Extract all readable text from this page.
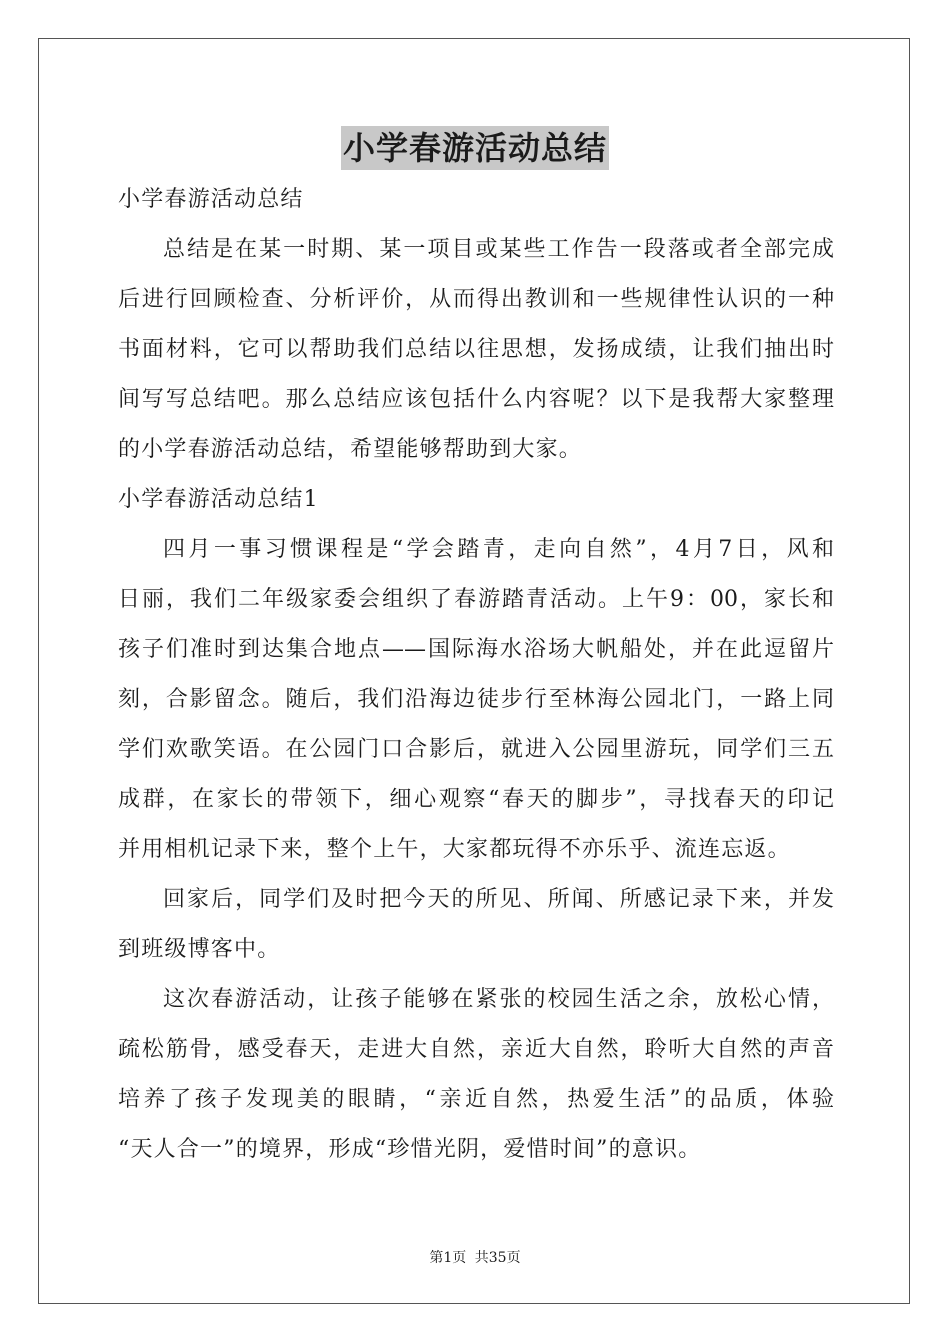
小学春游活动总结
小学春游活动总结
总结是在某一时期、某一项目或某些工作告一段落或者全部完成
后进行回顾检查、分析评价，从而得出教训和一些规律性认识的一种
书面材料，它可以帮助我们总结以往思想，发扬成绩，让我们抽出时
间写写总结吧。那么总结应该包括什么内容呢？以下是我帮大家整理
的小学春游活动总结，希望能够帮助到大家。
小学春游活动总结1
四月一事习惯课程是“学会踏青，走向自然”，4月7日，风和
日丽，我们二年级家委会组织了春游踏青活动。上午9：00，家长和
孩子们准时到达集合地点——国际海水浴场大帆船处，并在此逗留片
刻，合影留念。随后，我们沿海边徒步行至林海公园北门，一路上同
学们欢歌笑语。在公园门口合影后，就进入公园里游玩，同学们三五
成群，在家长的带领下，细心观察“春天的脚步”，寻找春天的印记
并用相机记录下来，整个上午，大家都玩得不亦乐乎、流连忘返。
回家后，同学们及时把今天的所见、所闻、所感记录下来，并发
到班级博客中。
这次春游活动，让孩子能够在紧张的校园生活之余，放松心情，
疏松筋骨，感受春天，走进大自然，亲近大自然，聆听大自然的声音
培养了孩子发现美的眼睛，“亲近自然，热爱生活”的品质，体验
“天人合一”的境界，形成“珍惜光阴，爱惜时间”的意识。
第1页 共35页
